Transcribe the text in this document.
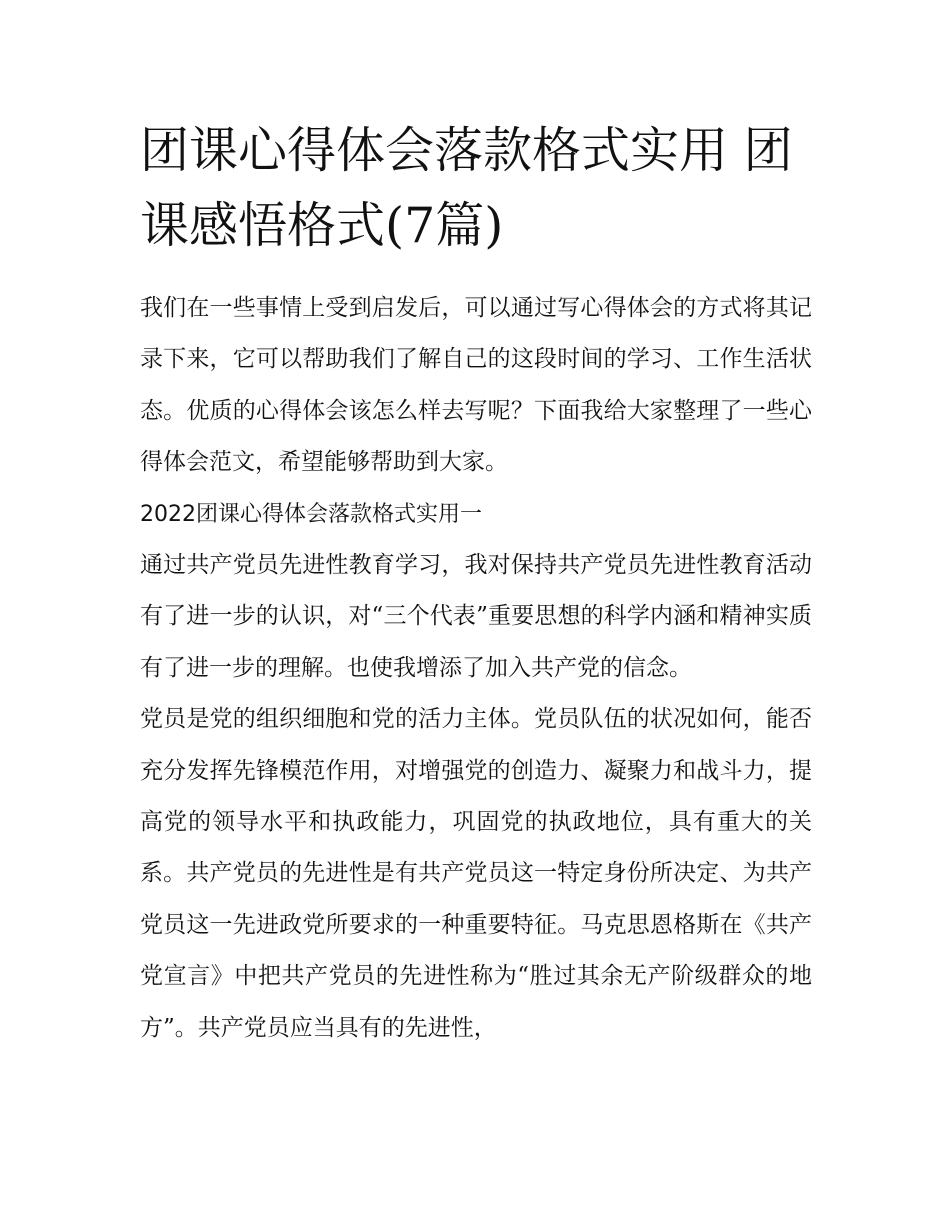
团课心得体会落款格式实用 团课感悟格式(7篇)

我们在一些事情上受到启发后，可以通过写心得体会的方式将其记录下来，它可以帮助我们了解自己的这段时间的学习、工作生活状态。优质的心得体会该怎么样去写呢？下面我给大家整理了一些心得体会范文，希望能够帮助到大家。

2022团课心得体会落款格式实用一

通过共产党员先进性教育学习，我对保持共产党员先进性教育活动有了进一步的认识，对“三个代表”重要思想的科学内涵和精神实质有了进一步的理解。也使我增添了加入共产党的信念。

党员是党的组织细胞和党的活力主体。党员队伍的状况如何，能否充分发挥先锋模范作用，对增强党的创造力、凝聚力和战斗力，提高党的领导水平和执政能力，巩固党的执政地位，具有重大的关系。共产党员的先进性是有共产党员这一特定身份所决定、为共产党员这一先进政党所要求的一种重要特征。马克思恩格斯在《共产党宣言》中把共产党员的先进性称为“胜过其余无产阶级群众的地方”。共产党员应当具有的先进性，
